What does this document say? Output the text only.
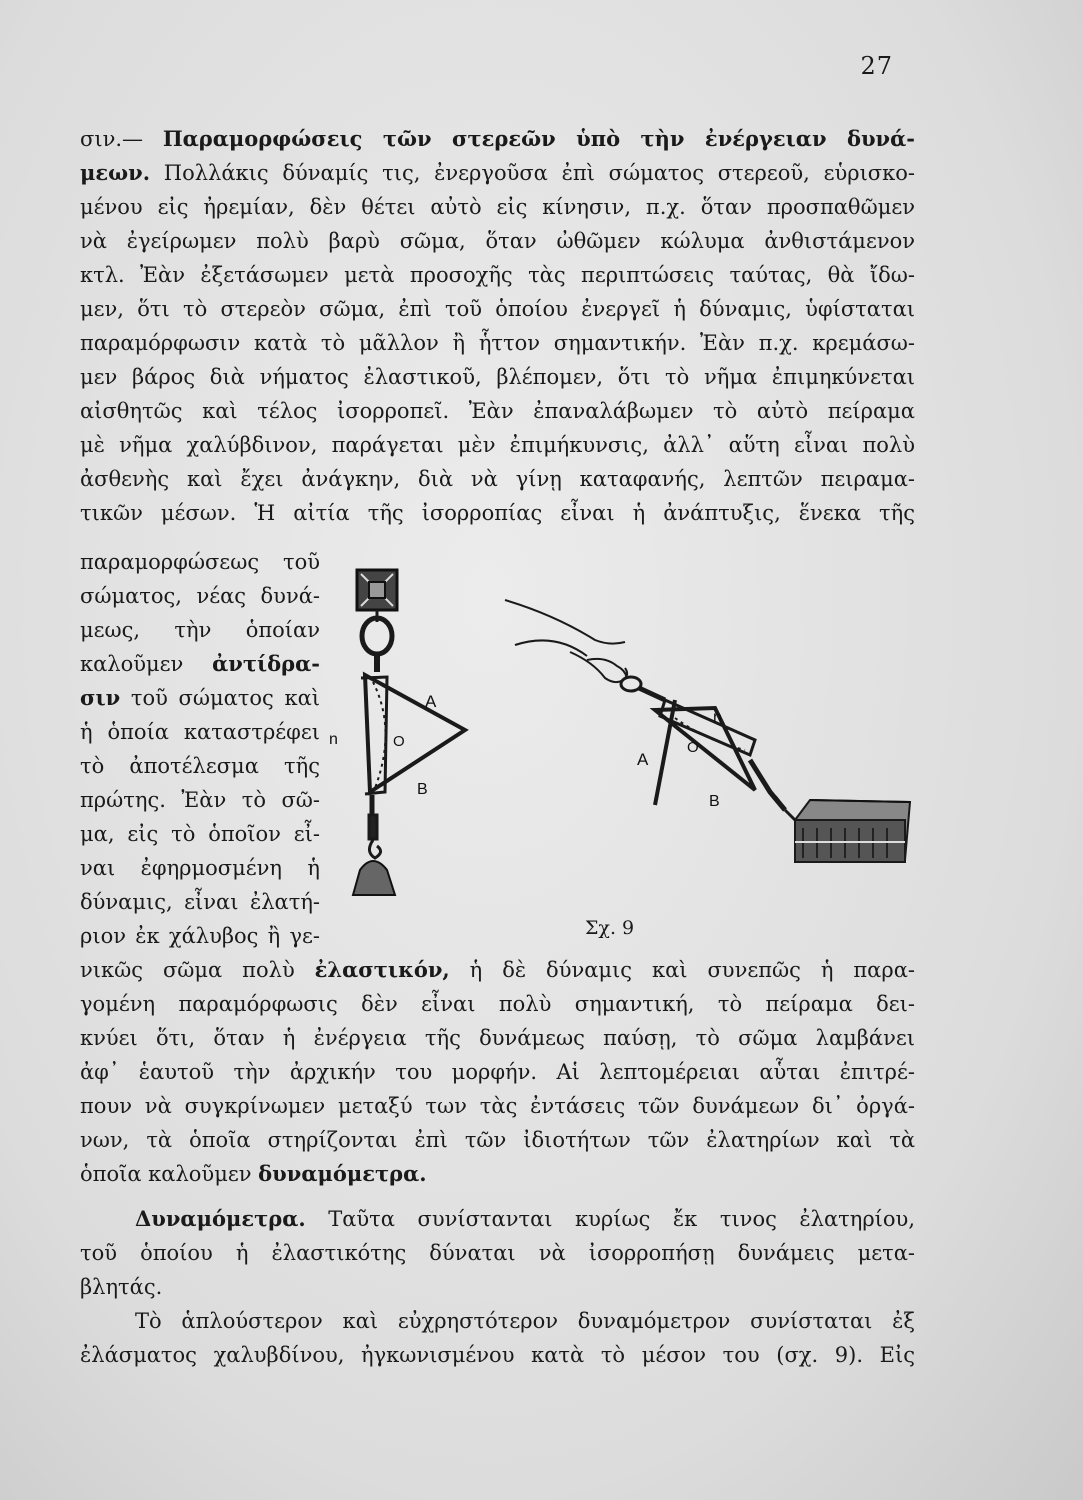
27
σιν.— Παραμορφώσεις τῶν στερεῶν ὑπὸ τὴν ἐνέργειαν δυνά-
μεων. Πολλάκις δύναμίς τις, ἐνεργοῦσα ἐπὶ σώματος στερεοῦ, εὑρισκο-
μένου εἰς ἠρεμίαν, δὲν θέτει αὐτὸ εἰς κίνησιν, π.χ. ὅταν προσπαθῶμεν
νὰ ἐγείρωμεν πολὺ βαρὺ σῶμα, ὅταν ὠθῶμεν κώλυμα ἀνθιστάμενον
κτλ. Ἐὰν ἐξετάσωμεν μετὰ προσοχῆς τὰς περιπτώσεις ταύτας, θὰ ἴδω-
μεν, ὅτι τὸ στερεὸν σῶμα, ἐπὶ τοῦ ὁποίου ἐνεργεῖ ἡ δύναμις, ὑφίσταται
παραμόρφωσιν κατὰ τὸ μᾶλλον ἢ ἧττον σημαντικήν. Ἐὰν π.χ. κρεμάσω-
μεν βάρος διὰ νήματος ἐλαστικοῦ, βλέπομεν, ὅτι τὸ νῆμα ἐπιμηκύνεται
αἰσθητῶς καὶ τέλος ἰσορροπεῖ. Ἐὰν ἐπαναλάβωμεν τὸ αὐτὸ πείραμα
μὲ νῆμα χαλύβδινον, παράγεται μὲν ἐπιμήκυνσις, ἀλλ᾽ αὕτη εἶναι πολὺ
ἀσθενὴς καὶ ἔχει ἀνάγκην, διὰ νὰ γίνῃ καταφανής, λεπτῶν πειραμα-
τικῶν μέσων. Ἡ αἰτία τῆς ἰσορροπίας εἶναι ἡ ἀνάπτυξις, ἕνεκα τῆς
παραμορφώσεως τοῦ
σώματος, νέας δυνά-
μεως, τὴν ὁποίαν
καλοῦμεν ἀντίδρα-
σιν τοῦ σώματος καὶ
ἡ ὁποία καταστρέφει
τὸ ἀποτέλεσμα τῆς
πρώτης. Ἐὰν τὸ σῶ-
μα, εἰς τὸ ὁποῖον εἶ-
ναι ἐφηρμοσμένη ἡ
δύναμις, εἶναι ἐλατή-
ριον ἐκ χάλυβος ἢ γε-
A
O
n
B
n
O
A
B
Σχ. 9
νικῶς σῶμα πολὺ ἐλαστικόν, ἡ δὲ δύναμις καὶ συνεπῶς ἡ παρα-
γομένη παραμόρφωσις δὲν εἶναι πολὺ σημαντική, τὸ πείραμα δει-
κνύει ὅτι, ὅταν ἡ ἐνέργεια τῆς δυνάμεως παύσῃ, τὸ σῶμα λαμβάνει
ἀφ᾽ ἑαυτοῦ τὴν ἀρχικήν του μορφήν. Αἱ λεπτομέρειαι αὗται ἐπιτρέ-
πουν νὰ συγκρίνωμεν μεταξύ των τὰς ἐντάσεις τῶν δυνάμεων δι᾽ ὀργά-
νων, τὰ ὁποῖα στηρίζονται ἐπὶ τῶν ἰδιοτήτων τῶν ἐλατηρίων καὶ τὰ
ὁποῖα καλοῦμεν δυναμόμετρα.
Δυναμόμετρα. Ταῦτα συνίστανται κυρίως ἔκ τινος ἐλατηρίου,
τοῦ ὁποίου ἡ ἐλαστικότης δύναται νὰ ἰσορροπήσῃ δυνάμεις μετα-
βλητάς.
Τὸ ἁπλούστερον καὶ εὐχρηστότερον δυναμόμετρον συνίσταται ἐξ
ἐλάσματος χαλυβδίνου, ἠγκωνισμένου κατὰ τὸ μέσον του (σχ. 9). Εἰς
